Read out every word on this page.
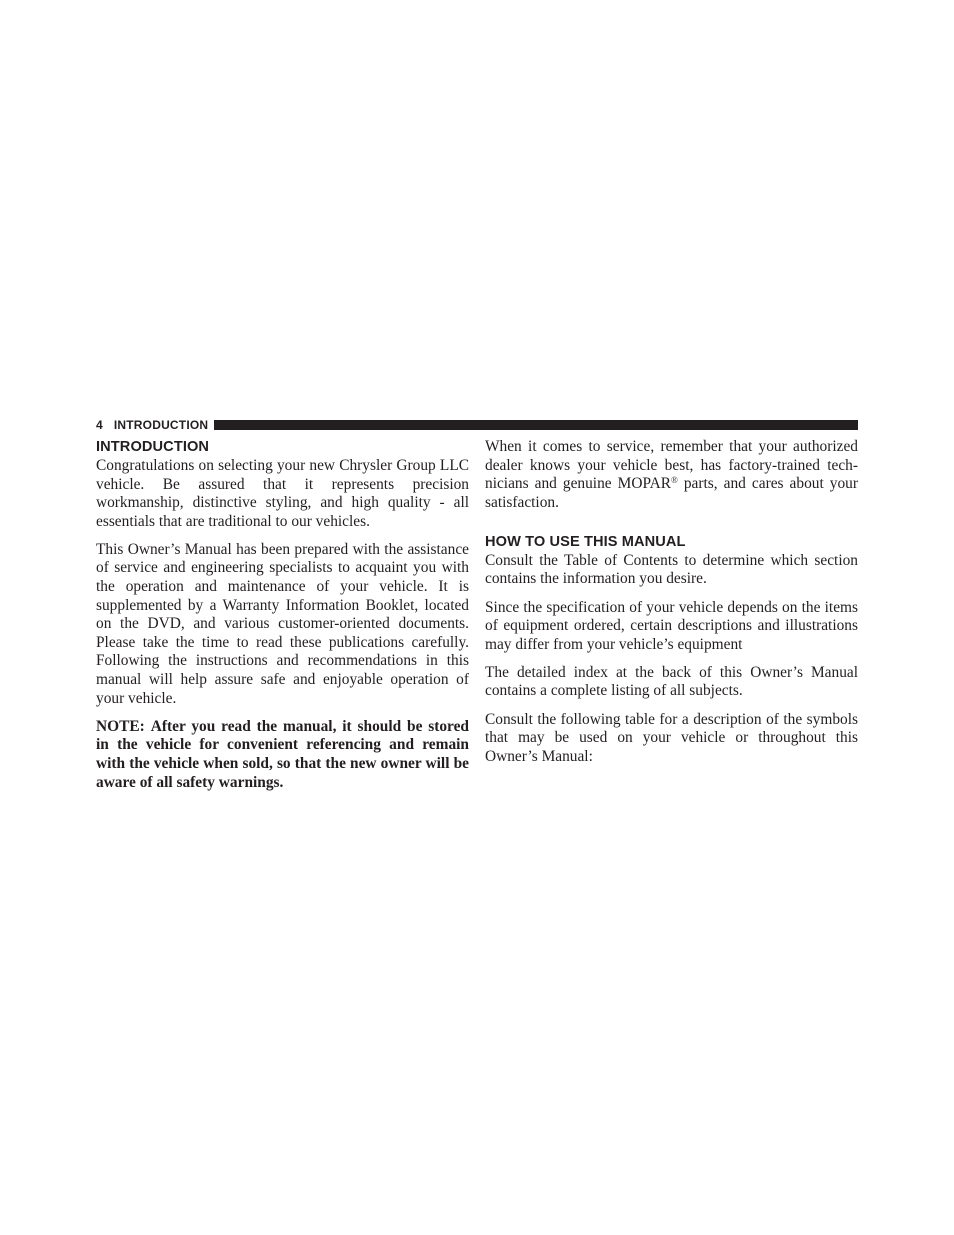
4 INTRODUCTION
INTRODUCTION

Congratulations on selecting your new Chrysler Group LLC vehicle. Be assured that it represents precision workmanship, distinctive styling, and high quality - all essentials that are traditional to our vehicles.

This Owner’s Manual has been prepared with the assistance of service and engineering specialists to acquaint you with the operation and maintenance of your vehicle. It is supplemented by a Warranty Information Booklet, located on the DVD, and various customer-oriented documents. Please take the time to read these publications carefully. Following the instructions and recommendations in this manual will help assure safe and enjoyable operation of your vehicle.

NOTE: After you read the manual, it should be stored in the vehicle for convenient referencing and remain with the vehicle when sold, so that the new owner will be aware of all safety warnings.

When it comes to service, remember that your authorized dealer knows your vehicle best, has factory-trained technicians and genuine MOPAR® parts, and cares about your satisfaction.

HOW TO USE THIS MANUAL

Consult the Table of Contents to determine which section contains the information you desire.

Since the specification of your vehicle depends on the items of equipment ordered, certain descriptions and illustrations may differ from your vehicle’s equipment

The detailed index at the back of this Owner’s Manual contains a complete listing of all subjects.

Consult the following table for a description of the symbols that may be used on your vehicle or throughout this Owner’s Manual:
